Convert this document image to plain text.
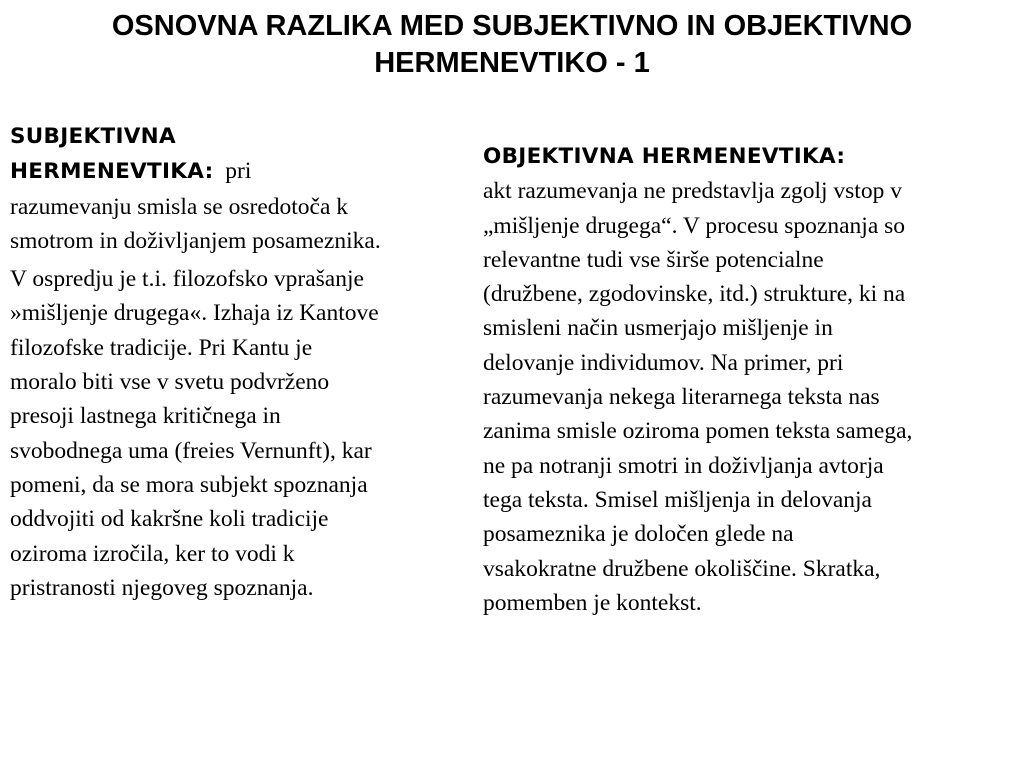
OSNOVNA RAZLIKA MED SUBJEKTIVNO IN OBJEKTIVNO
HERMENEVTIKO - 1
SUBJEKTIVNA
HERMENEVTIKA: pri
razumevanju smisla se osredotoča k
smotrom in doživljanjem posameznika.
V ospredju je t.i. filozofsko vprašanje
»mišljenje drugega«. Izhaja iz Kantove
filozofske tradicije. Pri Kantu je
moralo biti vse v svetu podvrženo
presoji lastnega kritičnega in
svobodnega uma (freies Vernunft), kar
pomeni, da se mora subjekt spoznanja
oddvojiti od kakršne koli tradicije
oziroma izročila, ker to vodi k
pristranosti njegoveg spoznanja.
OBJEKTIVNA HERMENEVTIKA:
akt razumevanja ne predstavlja zgolj vstop v
„mišljenje drugega“. V procesu spoznanja so
relevantne tudi vse širše potencialne
(družbene, zgodovinske, itd.) strukture, ki na
smisleni način usmerjajo mišljenje in
delovanje individumov. Na primer, pri
razumevanja nekega literarnega teksta nas
zanima smisle oziroma pomen teksta samega,
ne pa notranji smotri in doživljanja avtorja
tega teksta. Smisel mišljenja in delovanja
posameznika je določen glede na
vsakokratne družbene okoliščine. Skratka,
pomemben je kontekst.
